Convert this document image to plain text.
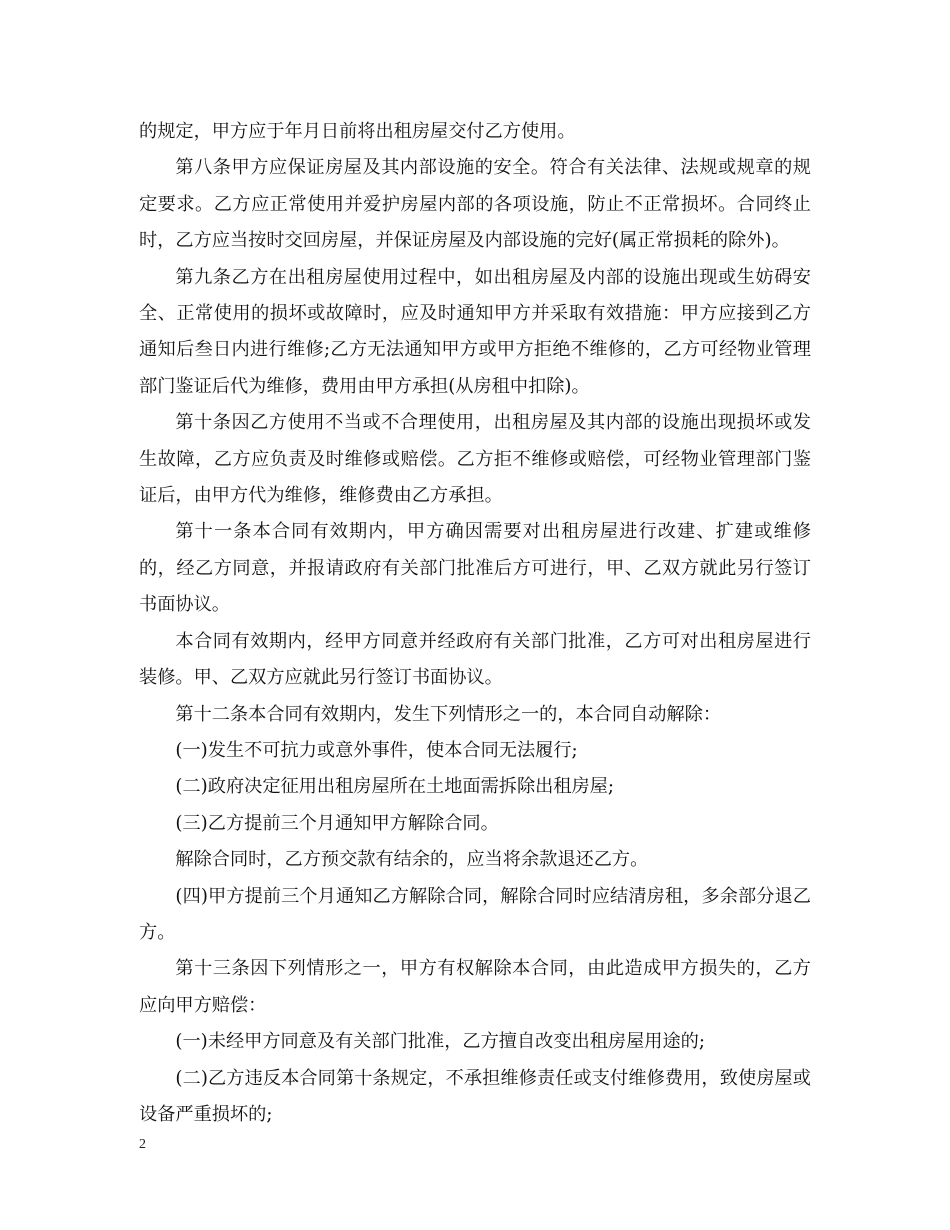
的规定，甲方应于年月日前将出租房屋交付乙方使用。

第八条甲方应保证房屋及其内部设施的安全。符合有关法律、法规或规章的规定要求。乙方应正常使用并爱护房屋内部的各项设施，防止不正常损坏。合同终止时，乙方应当按时交回房屋，并保证房屋及内部设施的完好(属正常损耗的除外)。

第九条乙方在出租房屋使用过程中，如出租房屋及内部的设施出现或生妨碍安全、正常使用的损坏或故障时，应及时通知甲方并采取有效措施：甲方应接到乙方通知后叁日内进行维修;乙方无法通知甲方或甲方拒绝不维修的，乙方可经物业管理部门鉴证后代为维修，费用由甲方承担(从房租中扣除)。

第十条因乙方使用不当或不合理使用，出租房屋及其内部的设施出现损坏或发生故障，乙方应负责及时维修或赔偿。乙方拒不维修或赔偿，可经物业管理部门鉴证后，由甲方代为维修，维修费由乙方承担。

第十一条本合同有效期内，甲方确因需要对出租房屋进行改建、扩建或维修的，经乙方同意，并报请政府有关部门批准后方可进行，甲、乙双方就此另行签订书面协议。

本合同有效期内，经甲方同意并经政府有关部门批准，乙方可对出租房屋进行装修。甲、乙双方应就此另行签订书面协议。

第十二条本合同有效期内，发生下列情形之一的，本合同自动解除：

(一)发生不可抗力或意外事件，使本合同无法履行;

(二)政府决定征用出租房屋所在土地面需拆除出租房屋;

(三)乙方提前三个月通知甲方解除合同。

解除合同时，乙方预交款有结余的，应当将余款退还乙方。

(四)甲方提前三个月通知乙方解除合同，解除合同时应结清房租，多余部分退乙方。

第十三条因下列情形之一，甲方有权解除本合同，由此造成甲方损失的，乙方应向甲方赔偿：

(一)未经甲方同意及有关部门批准，乙方擅自改变出租房屋用途的;

(二)乙方违反本合同第十条规定，不承担维修责任或支付维修费用，致使房屋或设备严重损坏的;

2
